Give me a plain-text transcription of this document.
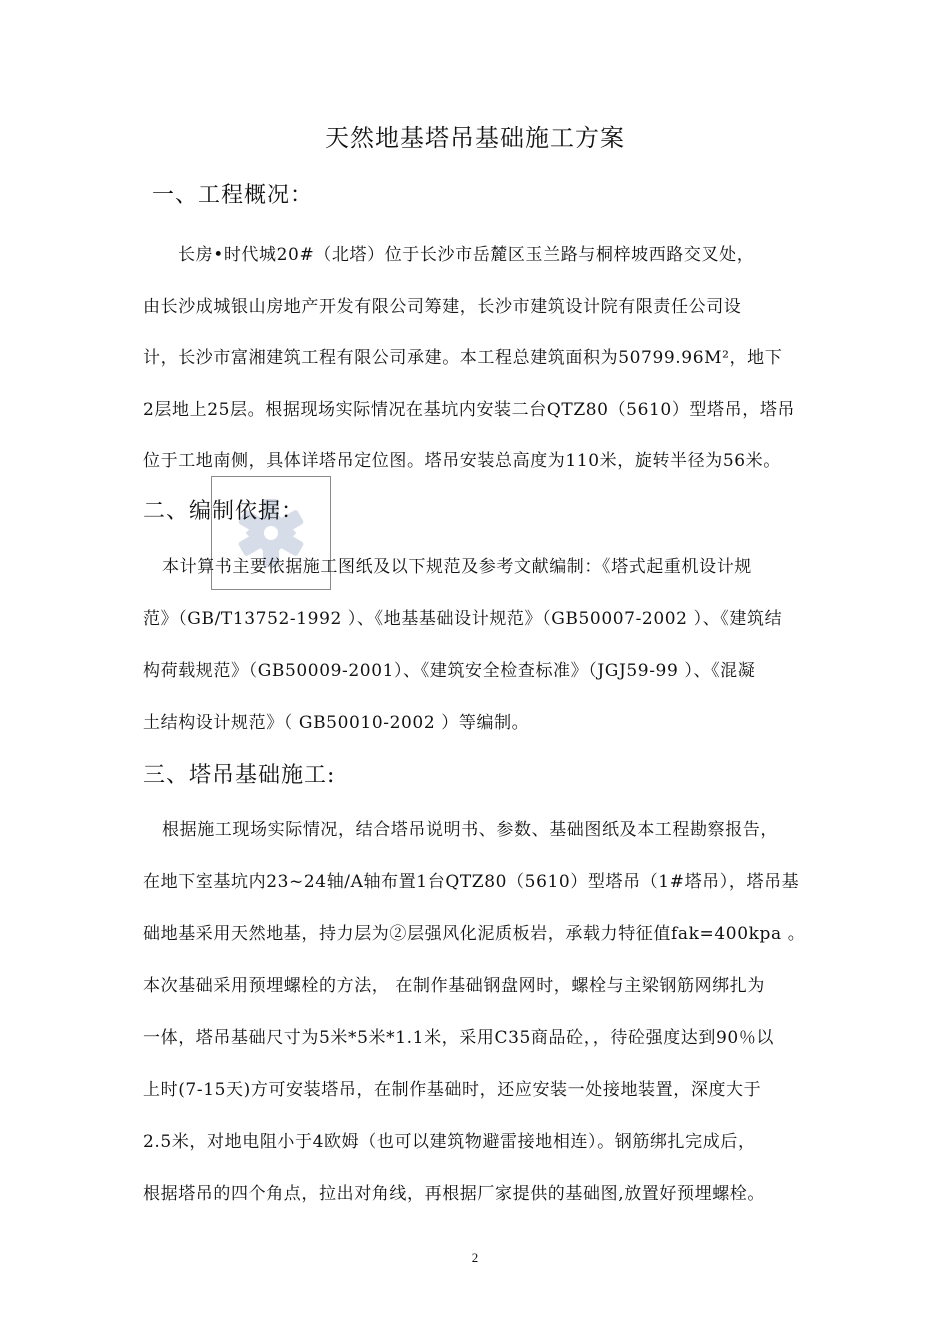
天然地基塔吊基础施工方案
一、工程概况：
长房•时代城20#（北塔）位于长沙市岳麓区玉兰路与桐梓坡西路交叉处，
由长沙成城银山房地产开发有限公司筹建，长沙市建筑设计院有限责任公司设
计，长沙市富湘建筑工程有限公司承建。本工程总建筑面积为50799.96M²，地下
2层地上25层。根据现场实际情况在基坑内安装二台QTZ80（5610）型塔吊，塔吊
位于工地南侧，具体详塔吊定位图。塔吊安装总高度为110米，旋转半径为56米。
二、编制依据：
本计算书主要依据施工图纸及以下规范及参考文献编制：《塔式起重机设计规
范》（GB/T13752-1992 ）、《地基基础设计规范》（GB50007-2002 ）、《建筑结
构荷载规范》（GB50009-2001）、《建筑安全检查标准》（JGJ59-99 ）、《混凝
土结构设计规范》（ GB50010-2002 ）等编制。
三、塔吊基础施工:
根据施工现场实际情况，结合塔吊说明书、参数、基础图纸及本工程勘察报告，
在地下室基坑内23~24轴/A轴布置1台QTZ80（5610）型塔吊（1#塔吊），塔吊基
础地基采用天然地基，持力层为②层强风化泥质板岩，承载力特征值fak=400kpa 。
本次基础采用预埋螺栓的方法， 在制作基础钢盘网时，螺栓与主梁钢筋网绑扎为
一体，塔吊基础尺寸为5米*5米*1.1米，采用C35商品砼，，待砼强度达到90％以
上时(7-15天)方可安装塔吊，在制作基础时，还应安装一处接地装置，深度大于
2.5米，对地电阻小于4欧姆（也可以建筑物避雷接地相连）。钢筋绑扎完成后，
根据塔吊的四个角点，拉出对角线，再根据厂家提供的基础图,放置好预埋螺栓。
2
